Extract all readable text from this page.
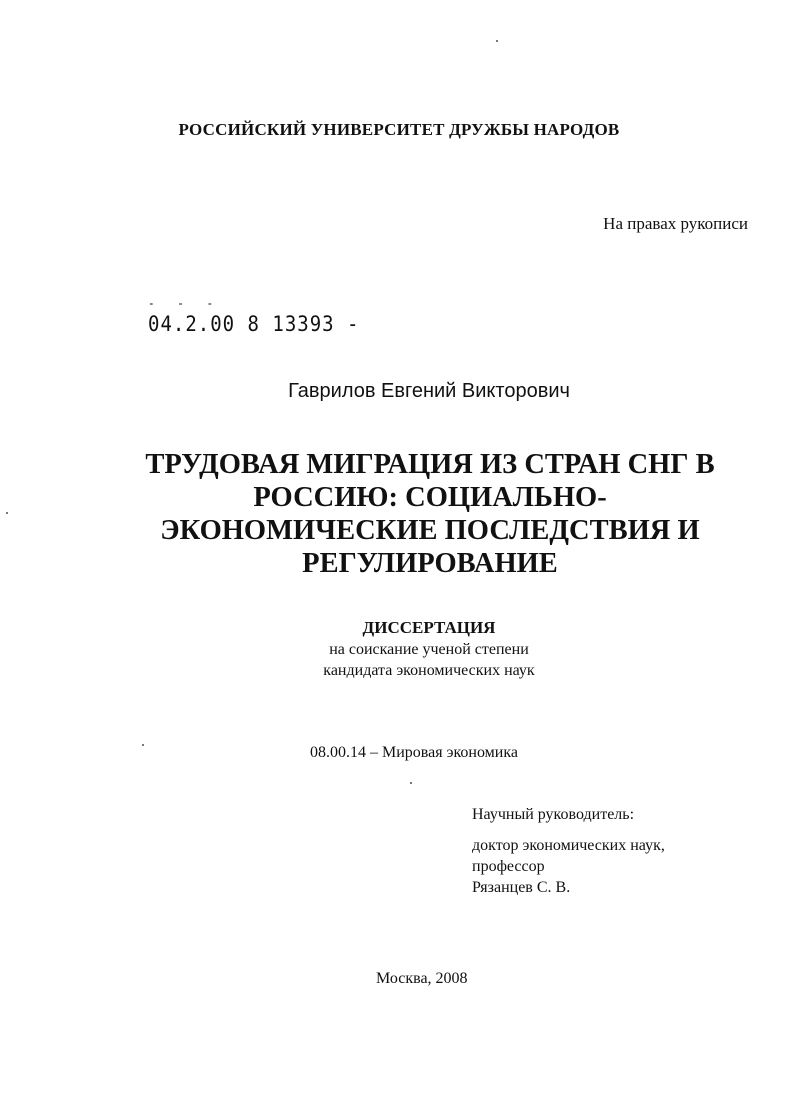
РОССИЙСКИЙ УНИВЕРСИТЕТ ДРУЖБЫ НАРОДОВ
На правах рукописи
‐ ‐ ‐
04.2.00 8 13393 -
Гаврилов Евгений Викторович
ТРУДОВАЯ МИГРАЦИЯ ИЗ СТРАН СНГ В
РОССИЮ: СОЦИАЛЬНО-
ЭКОНОМИЧЕСКИЕ ПОСЛЕДСТВИЯ И
РЕГУЛИРОВАНИЕ
ДИССЕРТАЦИЯ
на соискание ученой степени
кандидата экономических наук
08.00.14 – Мировая экономика
Научный руководитель:
доктор экономических наук,
профессор
Рязанцев С. В.
Москва, 2008
